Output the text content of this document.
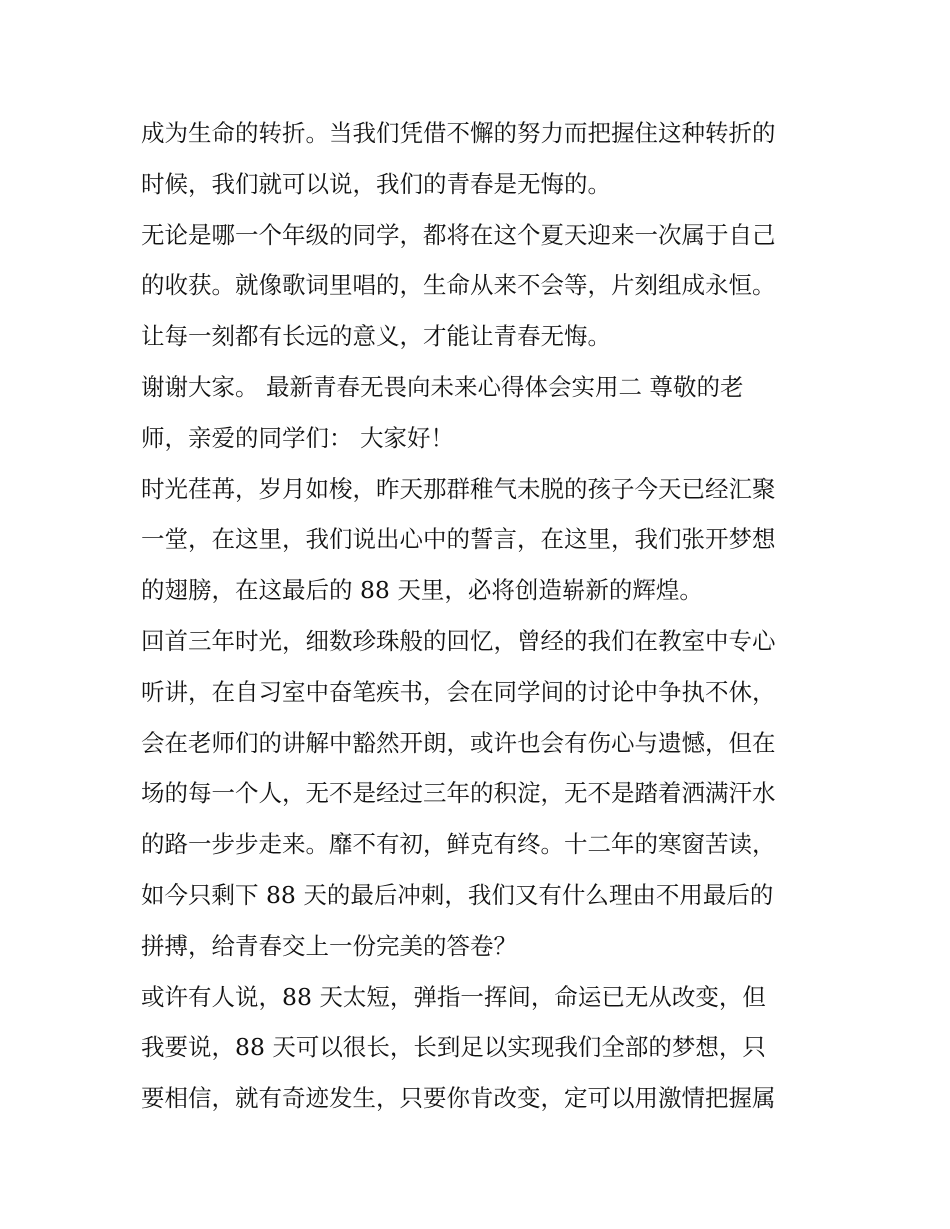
成为生命的转折。当我们凭借不懈的努力而把握住这种转折的
时候，我们就可以说，我们的青春是无悔的。
无论是哪一个年级的同学，都将在这个夏天迎来一次属于自己
的收获。就像歌词里唱的，生命从来不会等，片刻组成永恒。
让每一刻都有长远的意义，才能让青春无悔。
谢谢大家。 最新青春无畏向未来心得体会实用二 尊敬的老
师，亲爱的同学们： 大家好！
时光荏苒，岁月如梭，昨天那群稚气未脱的孩子今天已经汇聚
一堂，在这里，我们说出心中的誓言，在这里，我们张开梦想
的翅膀，在这最后的 88 天里，必将创造崭新的辉煌。
回首三年时光，细数珍珠般的回忆，曾经的我们在教室中专心
听讲，在自习室中奋笔疾书，会在同学间的讨论中争执不休，
会在老师们的讲解中豁然开朗，或许也会有伤心与遗憾，但在
场的每一个人，无不是经过三年的积淀，无不是踏着洒满汗水
的路一步步走来。靡不有初，鲜克有终。十二年的寒窗苦读，
如今只剩下 88 天的最后冲刺，我们又有什么理由不用最后的
拼搏，给青春交上一份完美的答卷？
或许有人说，88 天太短，弹指一挥间，命运已无从改变，但
我要说，88 天可以很长，长到足以实现我们全部的梦想，只
要相信，就有奇迹发生，只要你肯改变，定可以用激情把握属
